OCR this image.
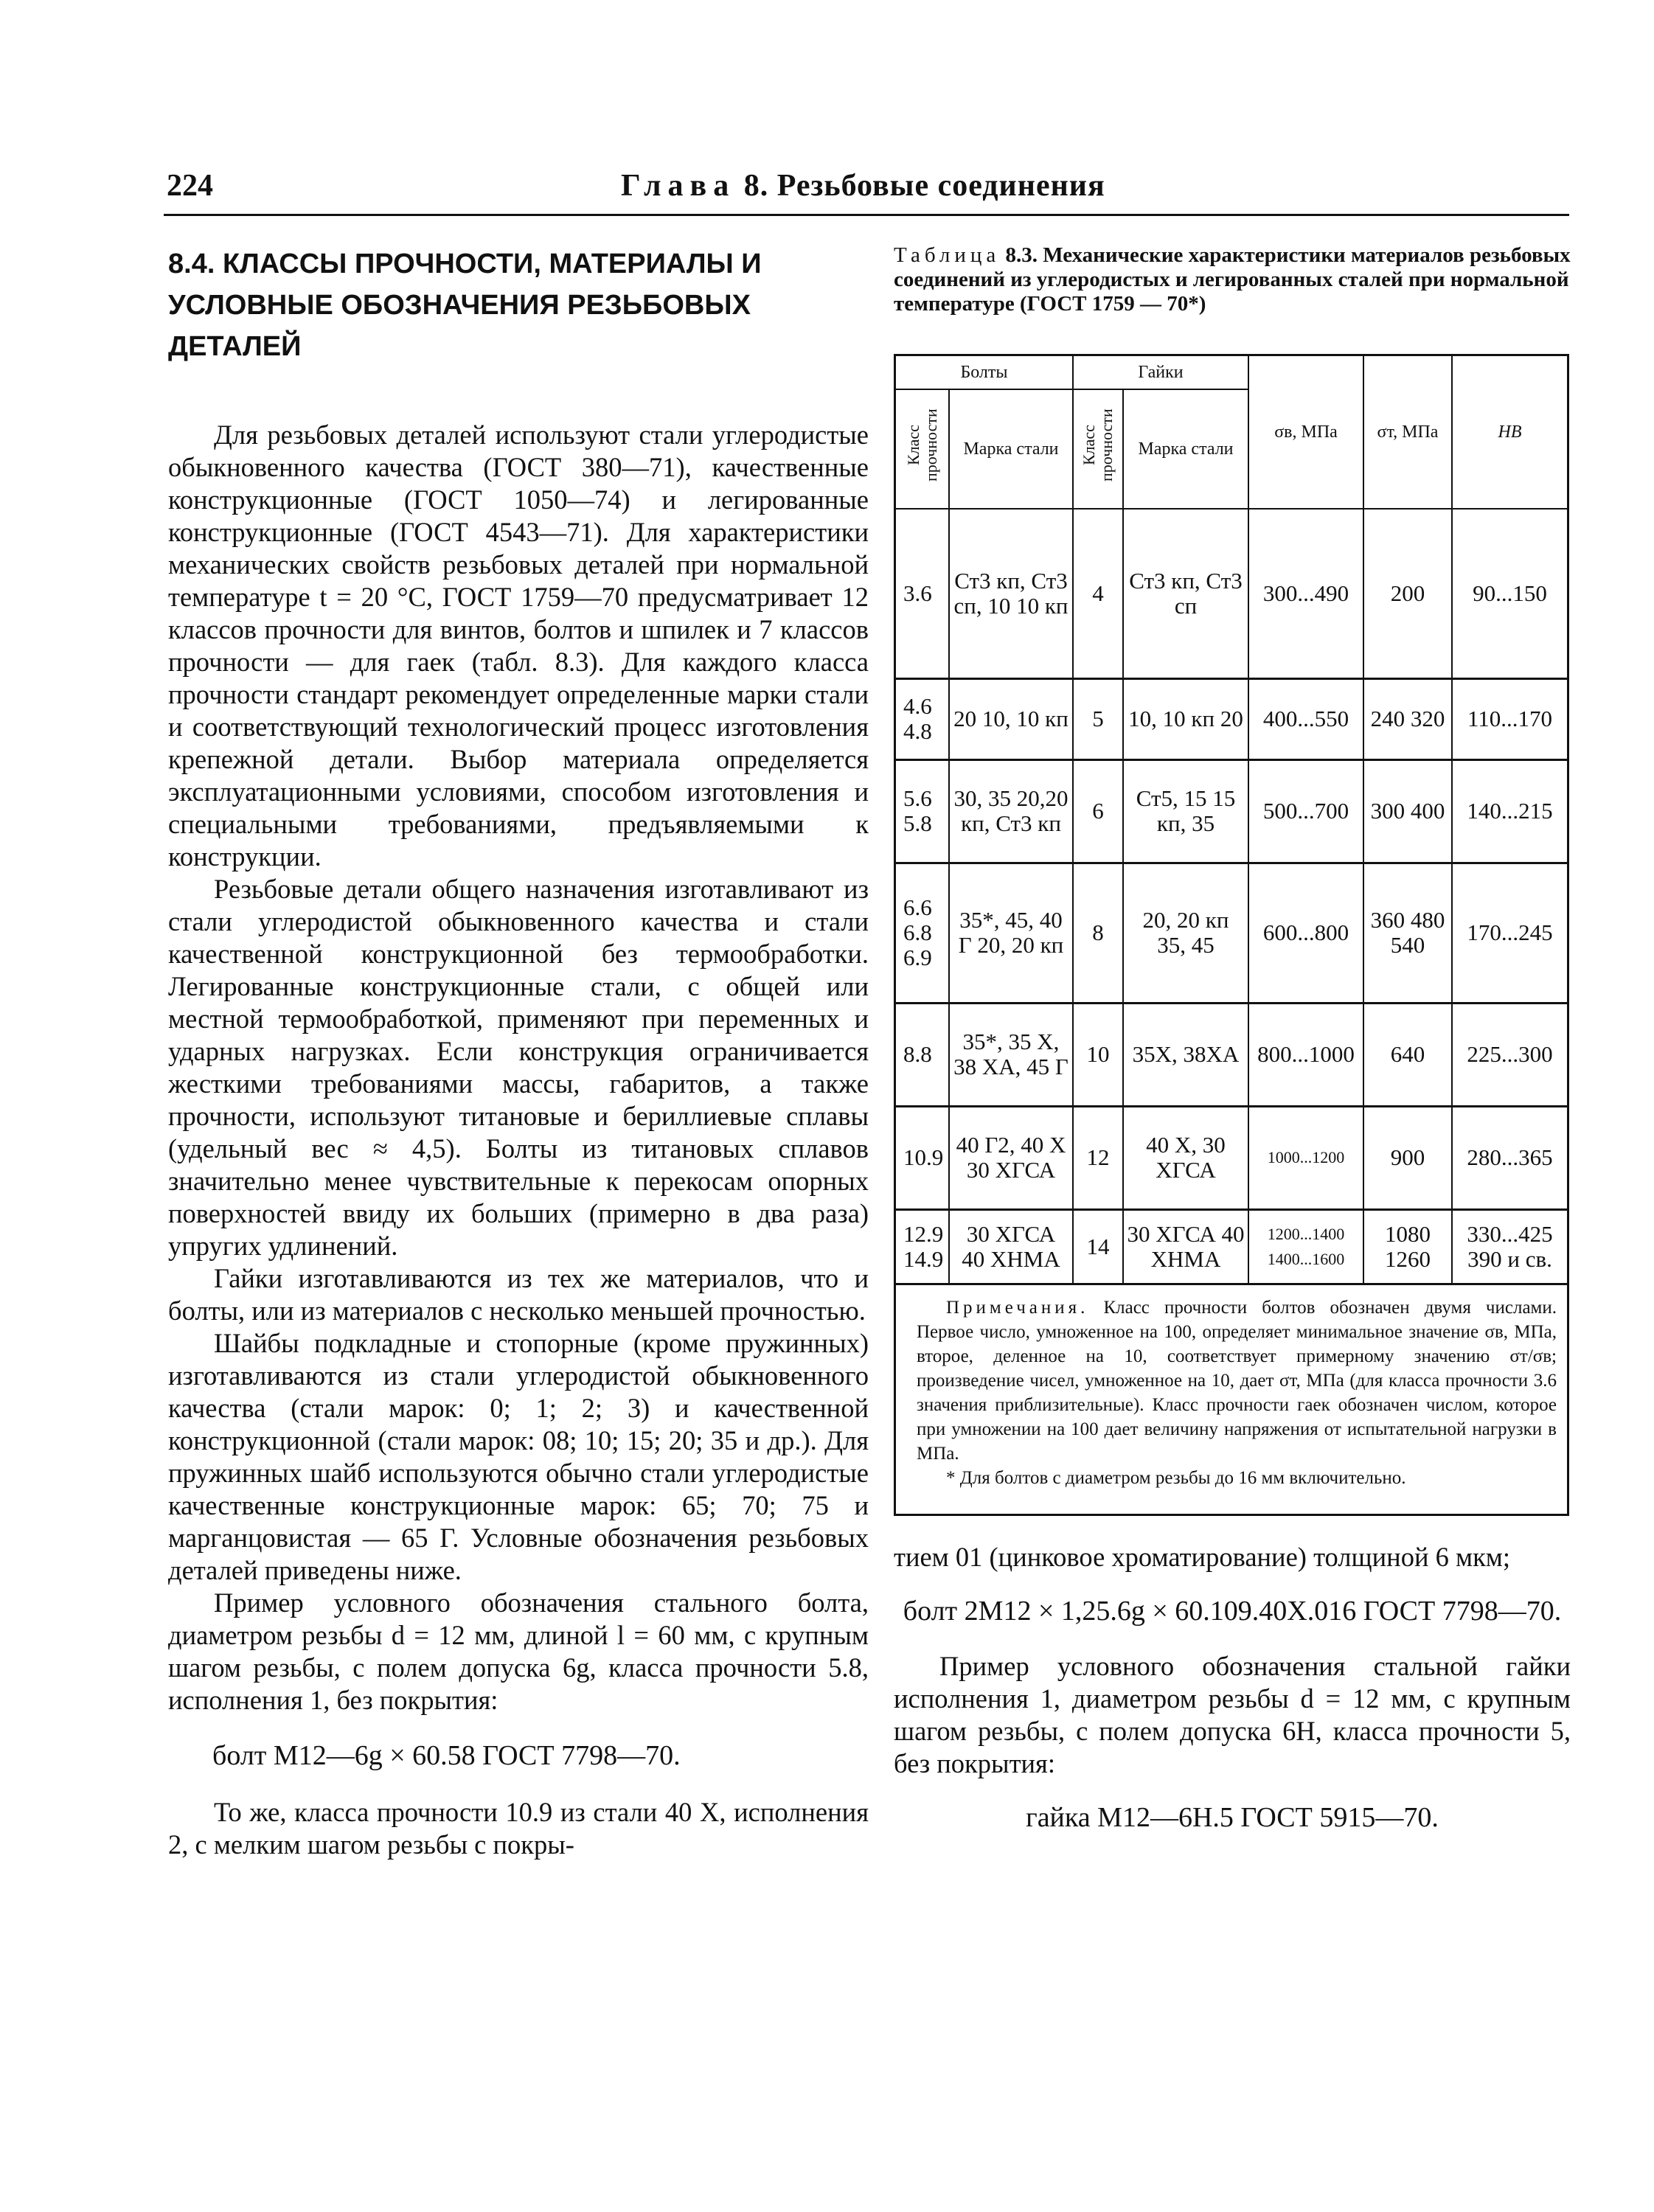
224	Глава 8. Резьбовые соединения
8.4. КЛАССЫ ПРОЧНОСТИ, МАТЕРИАЛЫ И УСЛОВНЫЕ ОБОЗНАЧЕНИЯ РЕЗЬБОВЫХ ДЕТАЛЕЙ

Для резьбовых деталей используют стали углеродистые обыкновенного качества (ГОСТ 380—71), качественные конструкционные (ГОСТ 1050—74) и легированные конструкционные (ГОСТ 4543—71). Для характеристики механических свойств резьбовых деталей при нормальной температуре t = 20 °С, ГОСТ 1759—70 предусматривает 12 классов прочности для винтов, болтов и шпилек и 7 классов прочности — для гаек (табл. 8.3). Для каждого класса прочности стандарт рекомендует определенные марки стали и соответствующий технологический процесс изготовления крепежной детали. Выбор материала определяется эксплуатационными условиями, способом изготовления и специальными требованиями, предъявляемыми к конструкции.

Резьбовые детали общего назначения изготавливают из стали углеродистой обыкновенного качества и стали качественной конструкционной без термообработки. Легированные конструкционные стали, с общей или местной термообработкой, применяют при переменных и ударных нагрузках. Если конструкция ограничивается жесткими требованиями массы, габаритов, а также прочности, используют титановые и бериллиевые сплавы (удельный вес ≈ 4,5). Болты из титановых сплавов значительно менее чувствительные к перекосам опорных поверхностей ввиду их больших (примерно в два раза) упругих удлинений.

Гайки изготавливаются из тех же материалов, что и болты, или из материалов с несколько меньшей прочностью.

Шайбы подкладные и стопорные (кроме пружинных) изготавливаются из стали углеродистой обыкновенного качества (стали марок: 0; 1; 2; 3) и качественной конструкционной (стали марок: 08; 10; 15; 20; 35 и др.). Для пружинных шайб используются обычно стали углеродистые качественные конструкционные марок: 65; 70; 75 и марганцовистая — 65 Г. Условные обозначения резьбовых деталей приведены ниже.

Пример условного обозначения стального болта, диаметром резьбы d = 12 мм, длиной l = 60 мм, с крупным шагом резьбы, с полем допуска 6g, класса прочности 5.8, исполнения 1, без покрытия:

болт М12—6g × 60.58 ГОСТ 7798—70.

То же, класса прочности 10.9 из стали 40 Х, исполнения 2, с мелким шагом резьбы с покры-

Таблица 8.3. Механические характеристики материалов резьбовых соединений из углеродистых и легированных сталей при нормальной температуре (ГОСТ 1759 — 70*)

Болты		Гайки		σв, МПа	σт, МПа	НВ
Класс прочности	Марка стали	Класс прочности	Марка стали			
3.6	Ст3 кп, Ст3 сп, 10 10 кп	4	Ст3 кп, Ст3 сп	300...490	200	90...150
4.6 4.8	20 10, 10 кп	5	10, 10 кп 20	400...550	240 320	110...170
5.6 5.8	30, 35 20,20 кп, Ст3 кп	6	Ст5, 15 15 кп, 35	500...700	300 400	140...215
6.6 6.8 6.9	35*, 45, 40 Г 20, 20 кп	8	20, 20 кп 35, 45	600...800	360 480 540	170...245
8.8	35*, 35 Х, 38 ХА, 45 Г	10	35Х, 38ХА	800...1000	640	225...300
10.9	40 Г2, 40 Х 30 ХГСА	12	40 Х, 30 ХГСА	1000...1200	900	280...365
12.9 14.9	30 ХГСА 40 ХНМА	14	30 ХГСА 40 ХНМА	1200...1400 1400...1600	1080 1260	330...425 390 и св.

Примечания. Класс прочности болтов обозначен двумя числами. Первое число, умноженное на 100, определяет минимальное значение σв, МПа, второе, деленное на 10, соответствует примерному значению σт/σв; произведение чисел, умноженное на 10, дает σт, МПа (для класса прочности 3.6 значения приблизительные). Класс прочности гаек обозначен числом, которое при умножении на 100 дает величину напряжения от испытательной нагрузки в МПа.

* Для болтов с диаметром резьбы до 16 мм включительно.

тием 01 (цинковое хроматирование) толщиной 6 мкм;

болт 2М12 × 1,25.6g × 60.109.40Х.016 ГОСТ 7798—70.

Пример условного обозначения стальной гайки исполнения 1, диаметром резьбы d = 12 мм, с крупным шагом резьбы, с полем допуска 6Н, класса прочности 5, без покрытия:

гайка М12—6Н.5 ГОСТ 5915—70.
